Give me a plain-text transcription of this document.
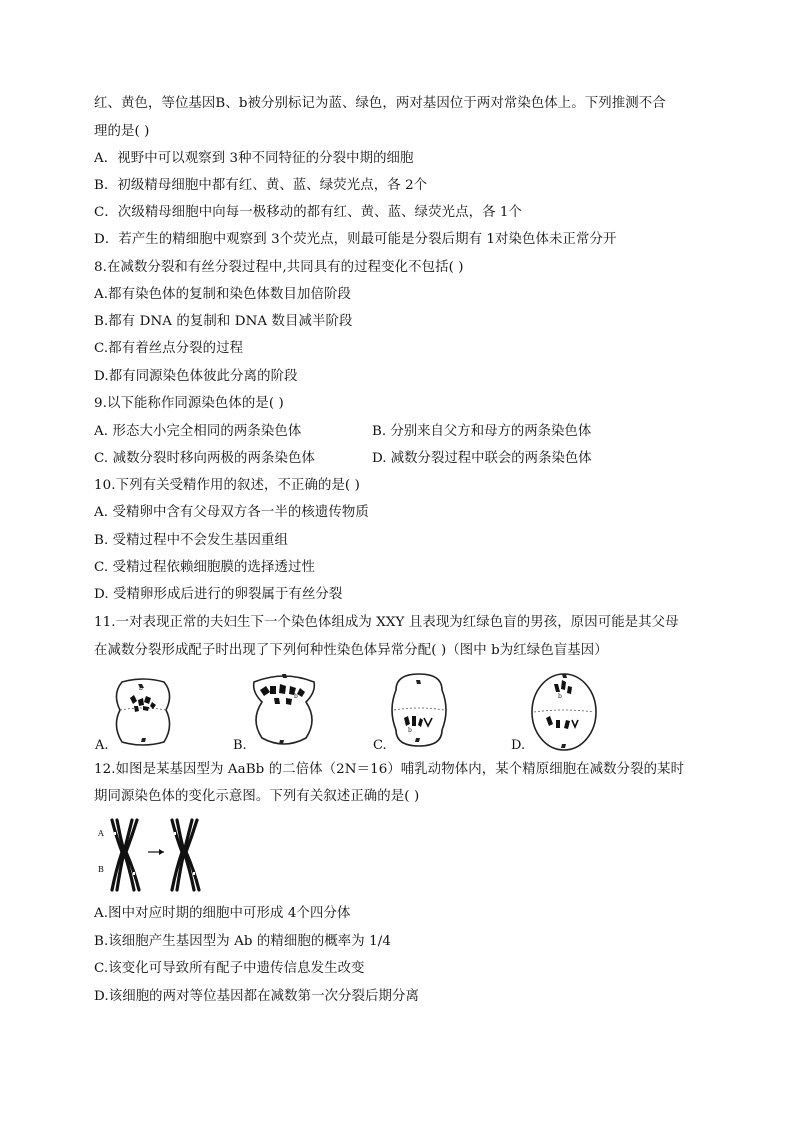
红、黄色，等位基因B、b被分别标记为蓝、绿色，两对基因位于两对常染色体上。下列推测不合
理的是( )
A．视野中可以观察到 3种不同特征的分裂中期的细胞
B．初级精母细胞中都有红、黄、蓝、绿荧光点，各 2个
C．次级精母细胞中向每一极移动的都有红、黄、蓝、绿荧光点，各 1个
D．若产生的精细胞中观察到 3个荧光点，则最可能是分裂后期有 1对染色体未正常分开
8.在减数分裂和有丝分裂过程中,共同具有的过程变化不包括( )
A.都有染色体的复制和染色体数目加倍阶段
B.都有 DNA 的复制和 DNA 数目减半阶段
C.都有着丝点分裂的过程
D.都有同源染色体彼此分离的阶段
9.以下能称作同源染色体的是( )
A. 形态大小完全相同的两条染色体	B. 分别来自父方和母方的两条染色体
C. 减数分裂时移向两极的两条染色体	D. 减数分裂过程中联会的两条染色体
10.下列有关受精作用的叙述，不正确的是( )
A. 受精卵中含有父母双方各一半的核遗传物质
B. 受精过程中不会发生基因重组
C. 受精过程依赖细胞膜的选择透过性
D. 受精卵形成后进行的卵裂属于有丝分裂
11.一对表现正常的夫妇生下一个染色体组成为 XXY 且表现为红绿色盲的男孩，原因可能是其父母
在减数分裂形成配子时出现了下列何种性染色体异常分配( )（图中 b为红绿色盲基因）
A.
b
B.
b
C.
b
D.
b
12.如图是某基因型为 AaBb 的二倍体（2N＝16）哺乳动物体内，某个精原细胞在减数分裂的某时
期同源染色体的变化示意图。下列有关叙述正确的是( )
A
B
A.图中对应时期的细胞中可形成 4个四分体
B.该细胞产生基因型为 Ab 的精细胞的概率为 1/4
C.该变化可导致所有配子中遗传信息发生改变
D.该细胞的两对等位基因都在减数第一次分裂后期分离
